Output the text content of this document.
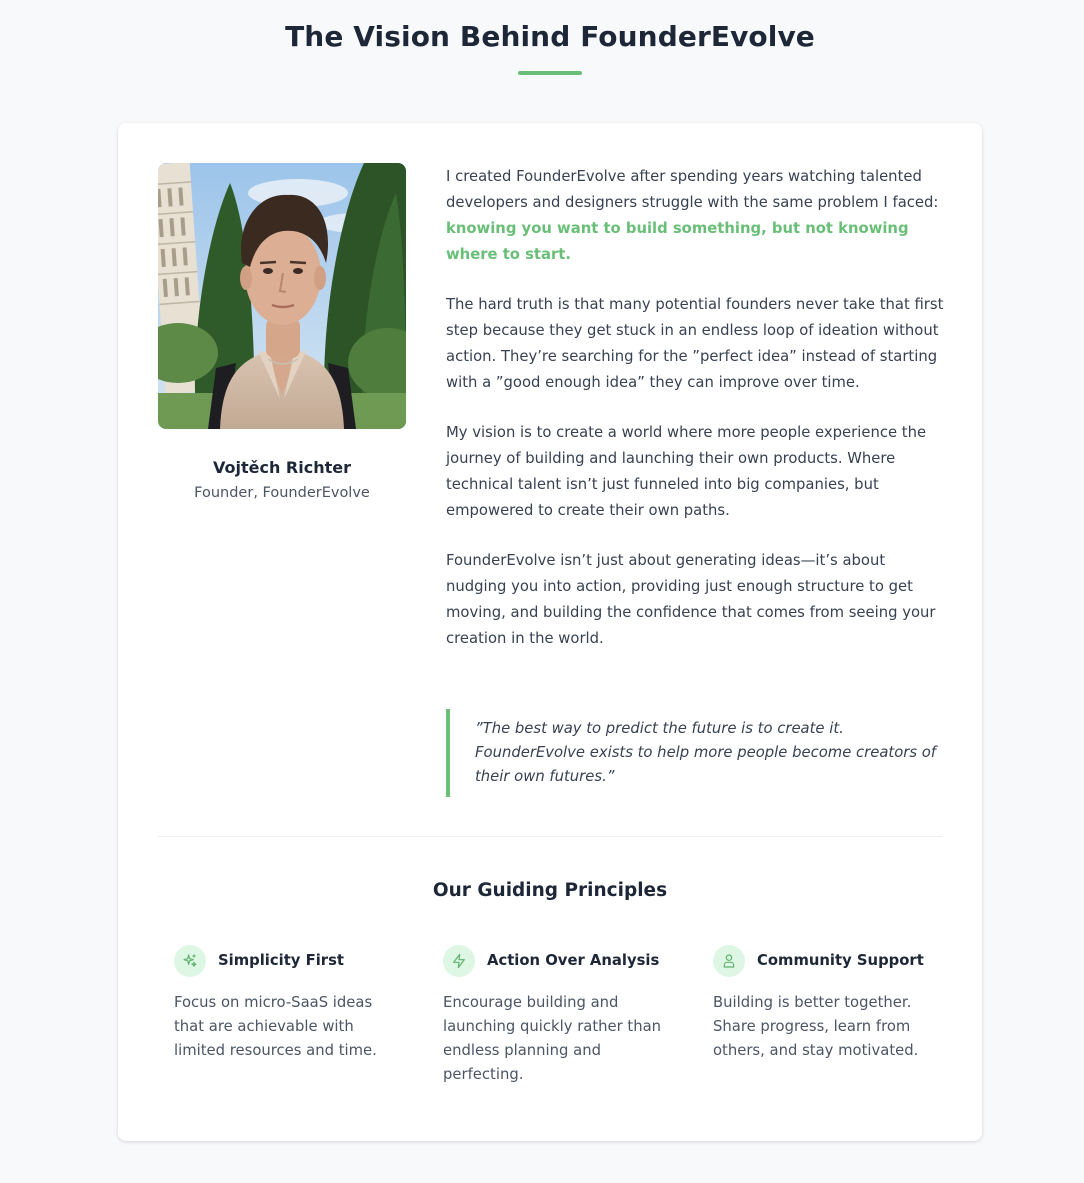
The Vision Behind FounderEvolve
Vojtěch Richter
Founder, FounderEvolve

I created FounderEvolve after spending years watching talented developers and designers struggle with the same problem I faced: knowing you want to build something, but not knowing where to start.

The hard truth is that many potential founders never take that first step because they get stuck in an endless loop of ideation without action. They’re searching for the ”perfect idea” instead of starting with a ”good enough idea” they can improve over time.

My vision is to create a world where more people experience the journey of building and launching their own products. Where technical talent isn’t just funneled into big companies, but empowered to create their own paths.

FounderEvolve isn’t just about generating ideas—it’s about nudging you into action, providing just enough structure to get moving, and building the confidence that comes from seeing your creation in the world.

”The best way to predict the future is to create it. FounderEvolve exists to help more people become creators of their own futures.”
Our Guiding Principles
Simplicity First
Focus on micro-SaaS ideas that are achievable with limited resources and time.
Action Over Analysis
Encourage building and launching quickly rather than endless planning and perfecting.
Community Support
Building is better together. Share progress, learn from others, and stay motivated.
